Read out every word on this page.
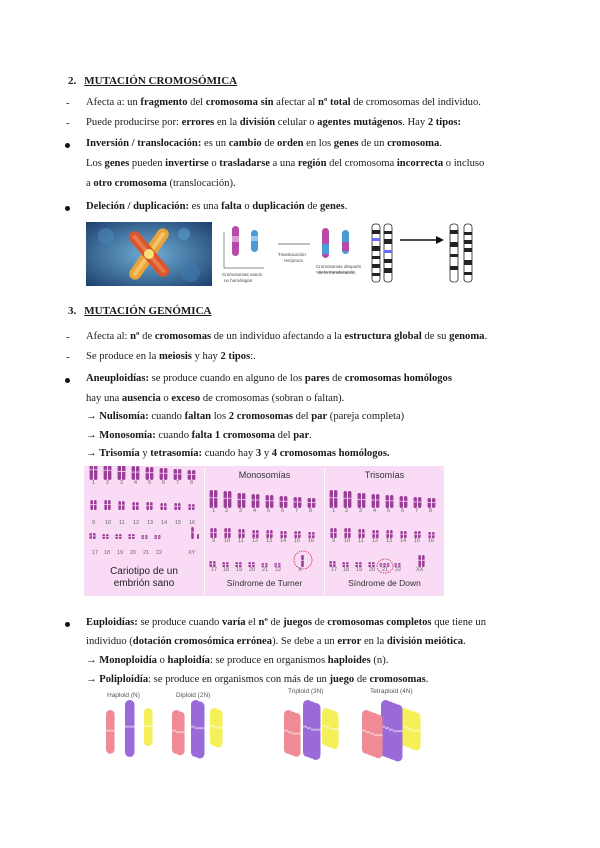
2. MUTACIÓN CROMOSÓMICA
- Afecta a: un fragmento del cromosoma sin afectar al nº total de cromosomas del individuo.
- Puede producirse por: errores en la división celular o agentes mutágenos. Hay 2 tipos:
Inversión / translocación: es un cambio de orden en los genes de un cromosoma.
Los genes pueden invertirse o trasladarse a una región del cromosoma incorrecta o incluso
a otro cromosoma (translocación).
Deleción / duplicación: es una falta o duplicación de genes.
Translocación
recíproca
Cromosomas sanos
no homólogos
Cromosomas después
de la translocación
3. MUTACIÓN GENÓMICA
- Afecta al: nº de cromosomas de un individuo afectando a la estructura global de su genoma.
- Se produce en la meiosis y hay 2 tipos:.
Aneuploidías: se produce cuando en alguno de los pares de cromosomas homólogos
hay una ausencia o exceso de cromosomas (sobran o faltan).
→ Nulisomía: cuando faltan los 2 cromosomas del par (pareja completa)
→ Monosomía: cuando falta 1 cromosoma del par.
→ Trisomía y tetrasomía: cuando hay 3 y 4 cromosomas homólogos.
1 2 3 4 5 6 7 8
9 10 11 12 13 14 15 16
17 18 19 20 21 22	XY
Cariotipo de un
embrión sano
Monosomías
1 2 3 4 5 6 7 8
9 10 11 12 13 14 15 16
17 18 19 20 21 22	X
Síndrome de Turner
Trisomías
1 2 3 4 5 6 7 8
9 10 11 12 13 14 15 16
17 18 19 20 21 22	XX
Síndrome de Down
Euploidías: se produce cuando varía el nº de juegos de cromosomas completos que tiene un
individuo (dotación cromosómica errónea). Se debe a un error en la división meiótica.
→ Monoploidía o haploidía: se produce en organismos haploides (n).
→ Poliploidía: se produce en organismos con más de un juego de cromosomas.
Haploid (N)	Diploid (2N)
Triploid (3N)	Tetraploid (4N)
